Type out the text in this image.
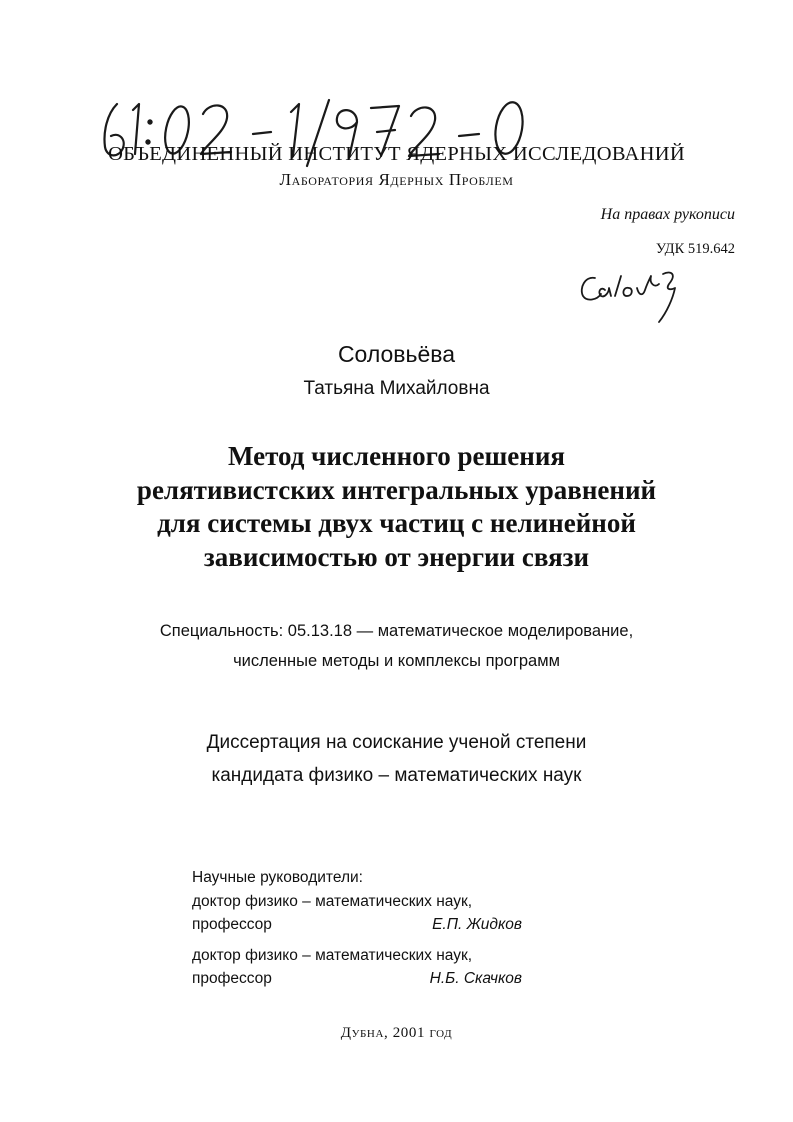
ОБЪЕДИНЕННЫЙ ИНСТИТУТ ЯДЕРНЫХ ИССЛЕДОВАНИЙ
Лаборатория Ядерных Проблем
На правах рукописи
УДК 519.642
Соловьёва
Татьяна Михайловна
Метод численного решения
релятивистских интегральных уравнений
для системы двух частиц с нелинейной
зависимостью от энергии связи
Специальность: 05.13.18 — математическое моделирование,
численные методы и комплексы программ
Диссертация на соискание ученой степени
кандидата физико – математических наук
Научные руководители:
доктор физико – математических наук,
профессор	Е.П. Жидков
доктор физико – математических наук,
профессор	Н.Б. Скачков
Дубна, 2001 год
